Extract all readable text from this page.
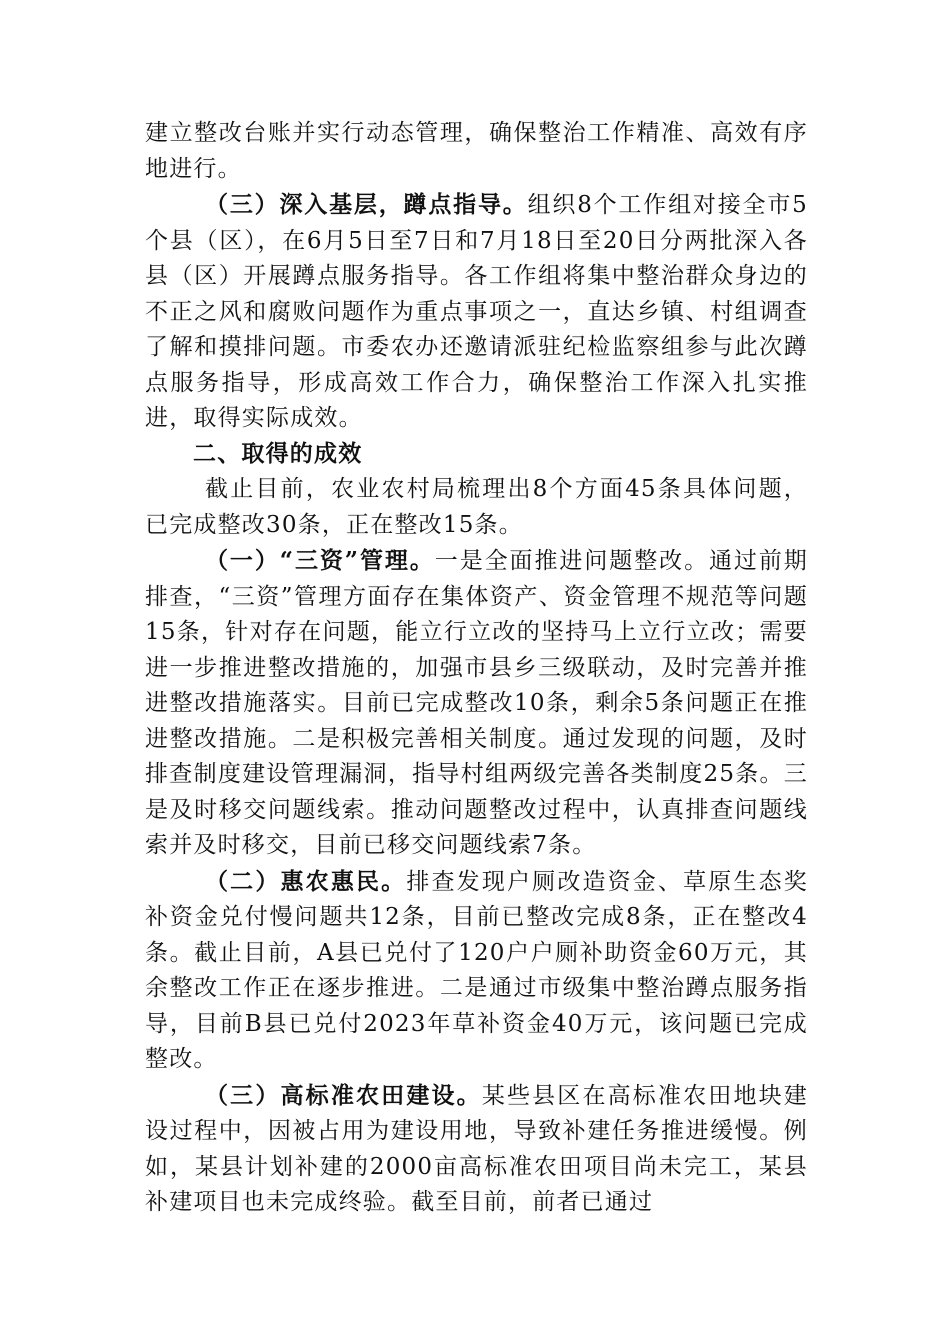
建立整改台账并实行动态管理，确保整治工作精准、高效有序地进行。

（三）深入基层，蹲点指导。组织8个工作组对接全市5个县（区），在6月5日至7日和7月18日至20日分两批深入各县（区）开展蹲点服务指导。各工作组将集中整治群众身边的不正之风和腐败问题作为重点事项之一，直达乡镇、村组调查了解和摸排问题。市委农办还邀请派驻纪检监察组参与此次蹲点服务指导，形成高效工作合力，确保整治工作深入扎实推进，取得实际成效。

二、取得的成效

截止目前，农业农村局梳理出8个方面45条具体问题，已完成整改30条，正在整改15条。

（一）“三资”管理。一是全面推进问题整改。通过前期排查，“三资”管理方面存在集体资产、资金管理不规范等问题15条，针对存在问题，能立行立改的坚持马上立行立改；需要进一步推进整改措施的，加强市县乡三级联动，及时完善并推进整改措施落实。目前已完成整改10条，剩余5条问题正在推进整改措施。二是积极完善相关制度。通过发现的问题，及时排查制度建设管理漏洞，指导村组两级完善各类制度25条。三是及时移交问题线索。推动问题整改过程中，认真排查问题线索并及时移交，目前已移交问题线索7条。

（二）惠农惠民。排查发现户厕改造资金、草原生态奖补资金兑付慢问题共12条，目前已整改完成8条，正在整改4条。截止目前，A县已兑付了120户户厕补助资金60万元，其余整改工作正在逐步推进。二是通过市级集中整治蹲点服务指导，目前B县已兑付2023年草补资金40万元，该问题已完成整改。

（三）高标准农田建设。某些县区在高标准农田地块建设过程中，因被占用为建设用地，导致补建任务推进缓慢。例如，某县计划补建的2000亩高标准农田项目尚未完工，某县补建项目也未完成终验。截至目前，前者已通过
